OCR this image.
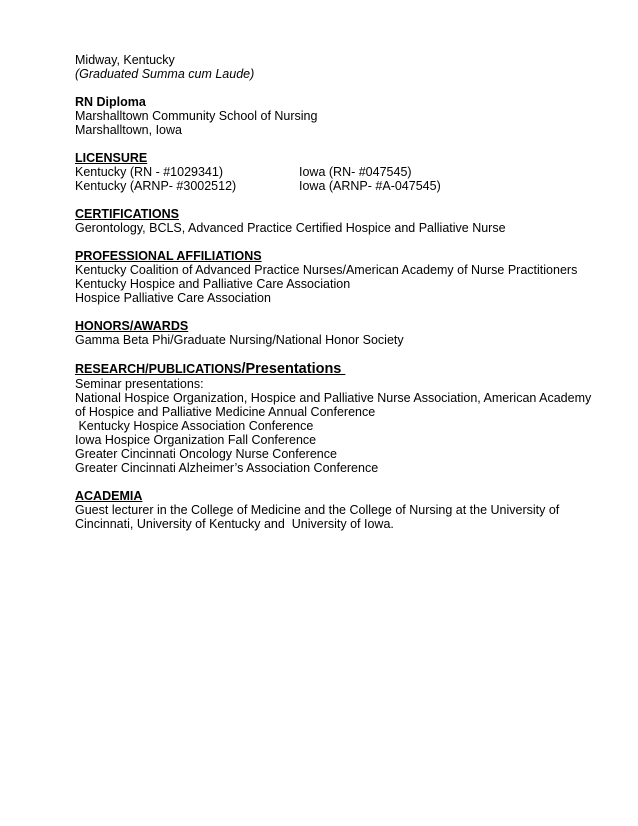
Midway, Kentucky
(Graduated Summa cum Laude)
RN Diploma
Marshalltown Community School of Nursing
Marshalltown, Iowa
LICENSURE
Kentucky (RN - #1029341)	Iowa (RN- #047545)
Kentucky (ARNP- #3002512)	Iowa (ARNP- #A-047545)
CERTIFICATIONS
Gerontology, BCLS, Advanced Practice Certified Hospice and Palliative Nurse
PROFESSIONAL AFFILIATIONS
Kentucky Coalition of Advanced Practice Nurses/American Academy of Nurse Practitioners
Kentucky Hospice and Palliative Care Association
Hospice Palliative Care Association
HONORS/AWARDS
Gamma Beta Phi/Graduate Nursing/National Honor Society
RESEARCH/PUBLICATIONS/Presentations
Seminar presentations:
National Hospice Organization, Hospice and Palliative Nurse Association, American Academy of Hospice and Palliative Medicine Annual Conference
Kentucky Hospice Association Conference
Iowa Hospice Organization Fall Conference
Greater Cincinnati Oncology Nurse Conference
Greater Cincinnati Alzheimer’s Association Conference
ACADEMIA
Guest lecturer in the College of Medicine and the College of Nursing at the University of Cincinnati, University of Kentucky and  University of Iowa.
